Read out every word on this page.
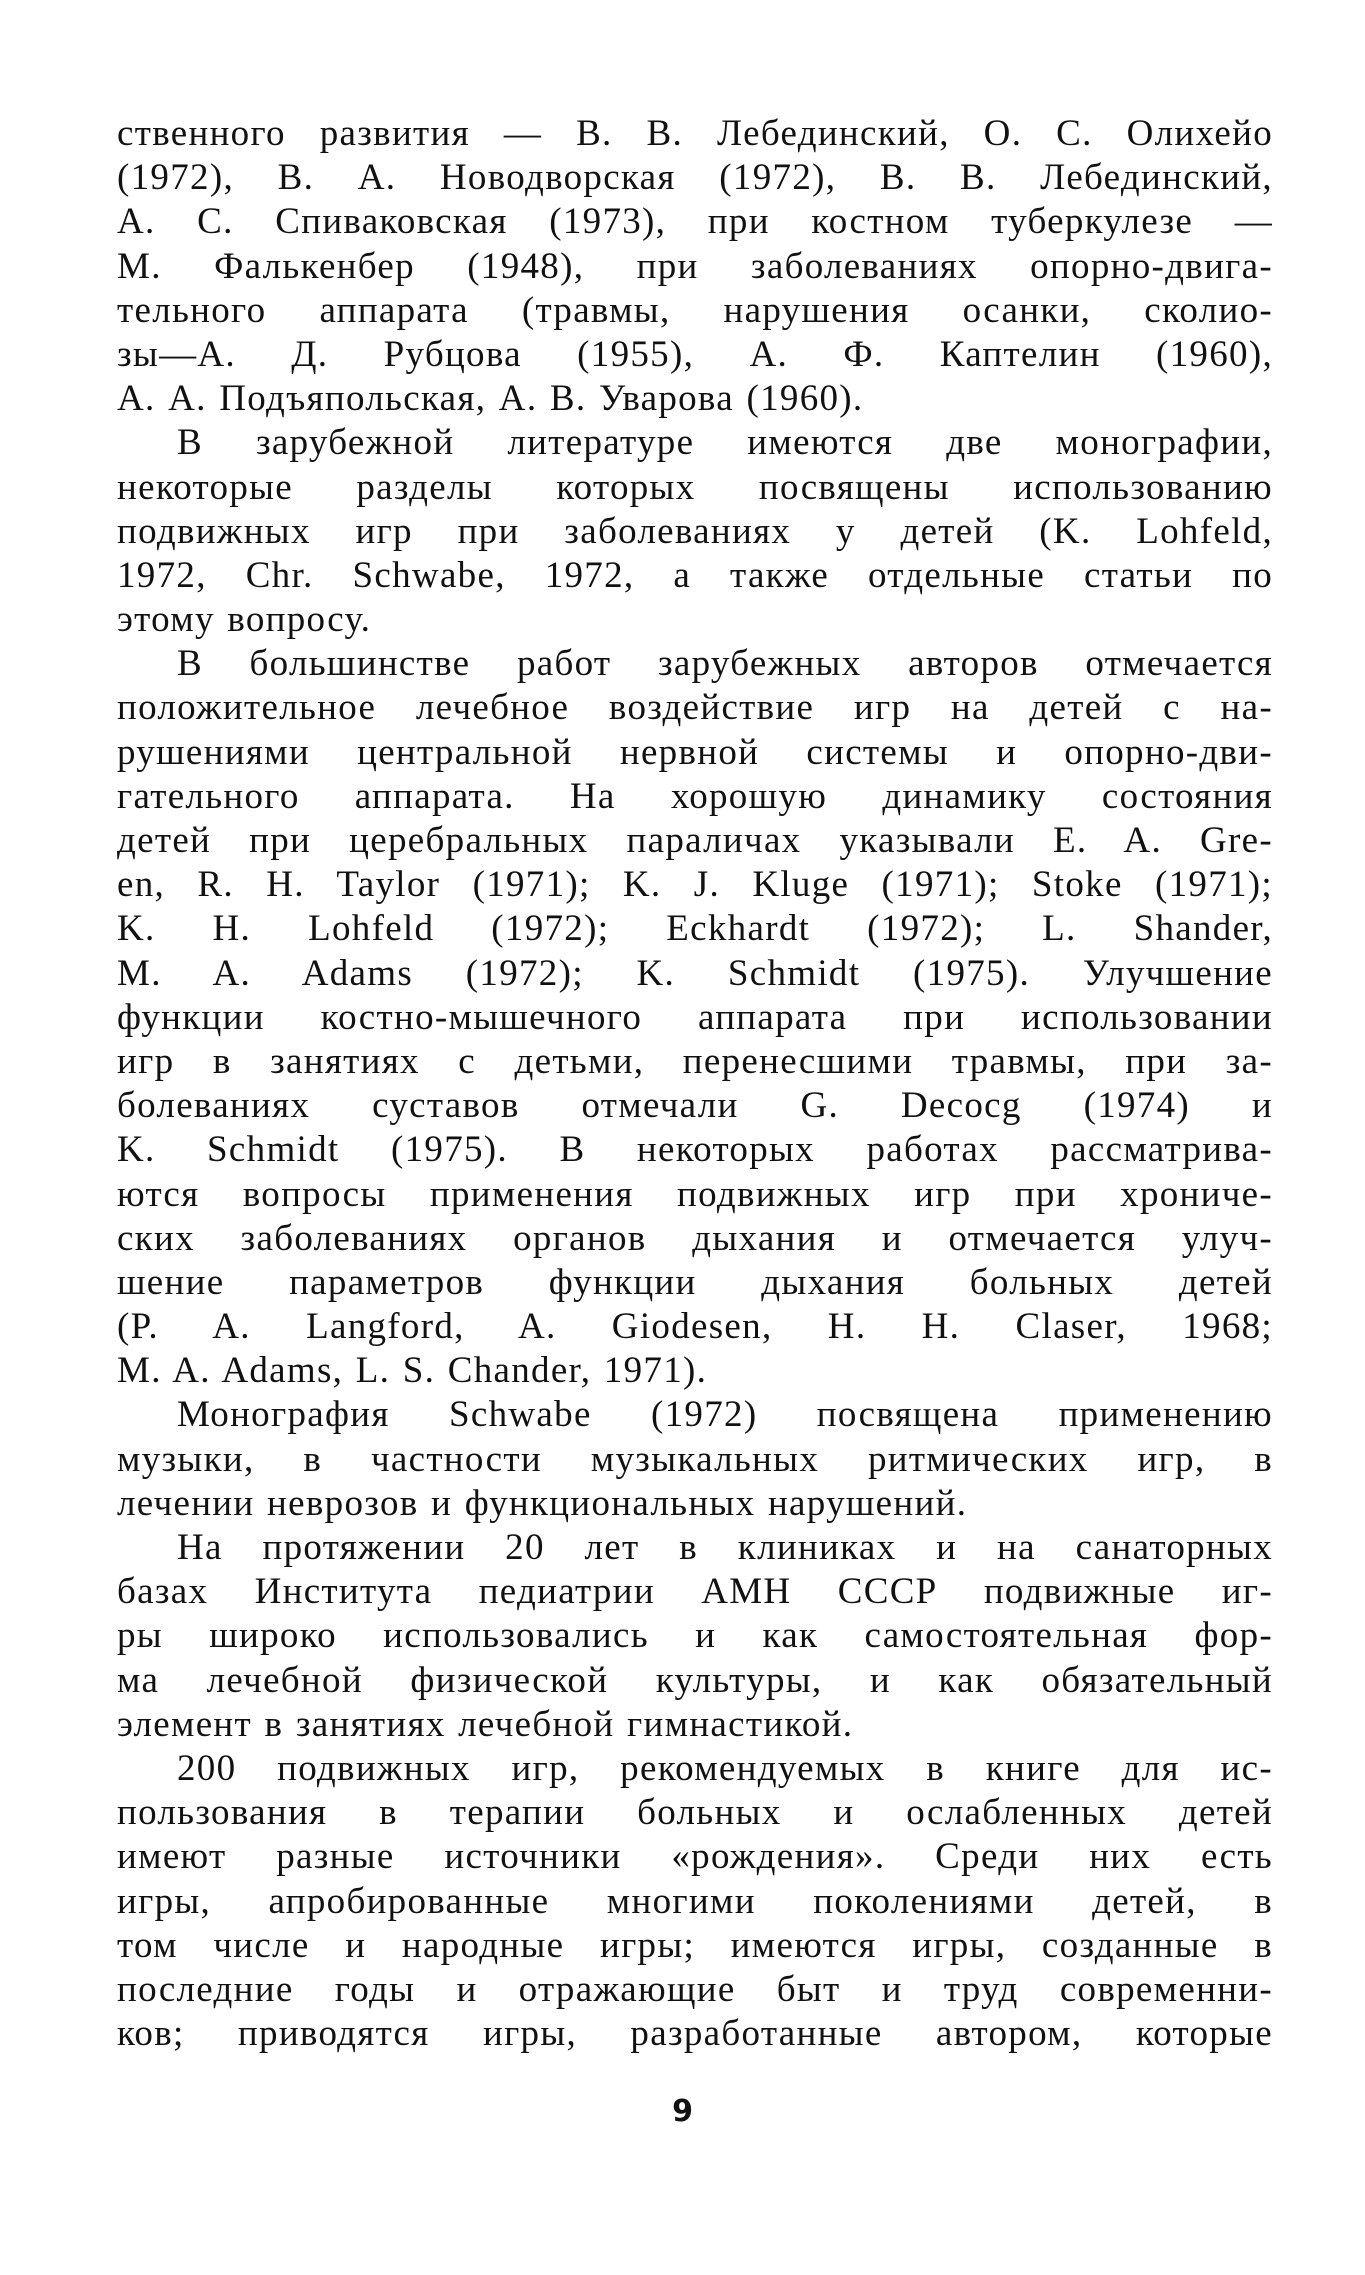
ственного развития — В. В. Лебединский, О. С. Олихейо
(1972), В. А. Новодворская (1972), В. В. Лебединский,
А. С. Спиваковская (1973), при костном туберкулезе —
М. Фалькенбер (1948), при заболеваниях опорно-двига-
тельного аппарата (травмы, нарушения осанки, сколио-
зы—А. Д. Рубцова (1955), А. Ф. Каптелин (1960),
А. А. Подъяпольская, А. В. Уварова (1960).

В зарубежной литературе имеются две монографии,
некоторые разделы которых посвящены использованию
подвижных игр при заболеваниях у детей (K. Lohfeld,
1972, Chr. Schwabe, 1972, а также отдельные статьи по
этому вопросу.

В большинстве работ зарубежных авторов отмечается
положительное лечебное воздействие игр на детей с на-
рушениями центральной нервной системы и опорно-дви-
гательного аппарата. На хорошую динамику состояния
детей при церебральных параличах указывали E. A. Gre-
en, R. H. Taylor (1971); K. J. Kluge (1971); Stoke (1971);
K. H. Lohfeld (1972); Eckhardt (1972); L. Shander,
M. A. Adams (1972); K. Schmidt (1975). Улучшение
функции костно-мышечного аппарата при использовании
игр в занятиях с детьми, перенесшими травмы, при за-
болеваниях суставов отмечали G. Decocg (1974) и
K. Schmidt (1975). В некоторых работах рассматрива-
ются вопросы применения подвижных игр при хрониче-
ских заболеваниях органов дыхания и отмечается улуч-
шение параметров функции дыхания больных детей
(P. A. Langford, A. Giodesen, H. H. Claser, 1968;
M. A. Adams, L. S. Chander, 1971).

Монография Schwabe (1972) посвящена применению
музыки, в частности музыкальных ритмических игр, в
лечении неврозов и функциональных нарушений.

На протяжении 20 лет в клиниках и на санаторных
базах Института педиатрии АМН СССР подвижные иг-
ры широко использовались и как самостоятельная фор-
ма лечебной физической культуры, и как обязательный
элемент в занятиях лечебной гимнастикой.

200 подвижных игр, рекомендуемых в книге для ис-
пользования в терапии больных и ослабленных детей
имеют разные источники «рождения». Среди них есть
игры, апробированные многими поколениями детей, в
том числе и народные игры; имеются игры, созданные в
последние годы и отражающие быт и труд современни-
ков; приводятся игры, разработанные автором, которые

9
